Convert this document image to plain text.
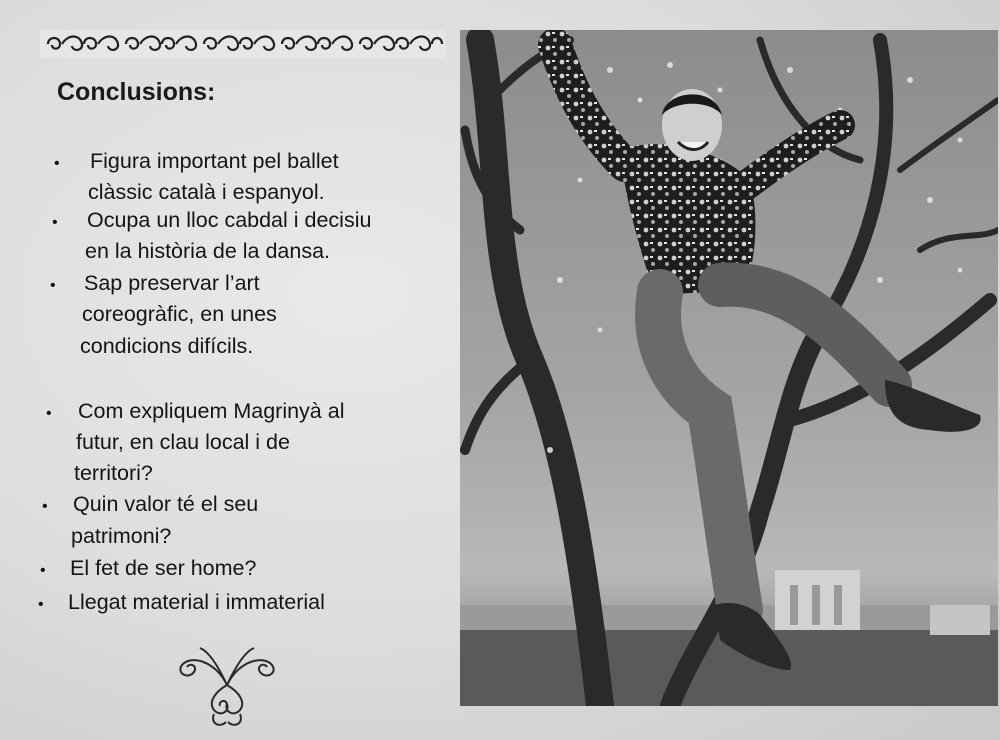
Conclusions:
• Figura important pel ballet
clàssic català i espanyol.
• Ocupa un lloc cabdal i decisiu
en la història de la dansa.
• Sap preservar l’art
coreogràfic, en unes
condicions difícils.
• Com expliquem Magrinyà al
futur, en clau local i de
territori?
• Quin valor té el seu
patrimoni?
• El fet de ser home?
• Llegat material i immaterial
